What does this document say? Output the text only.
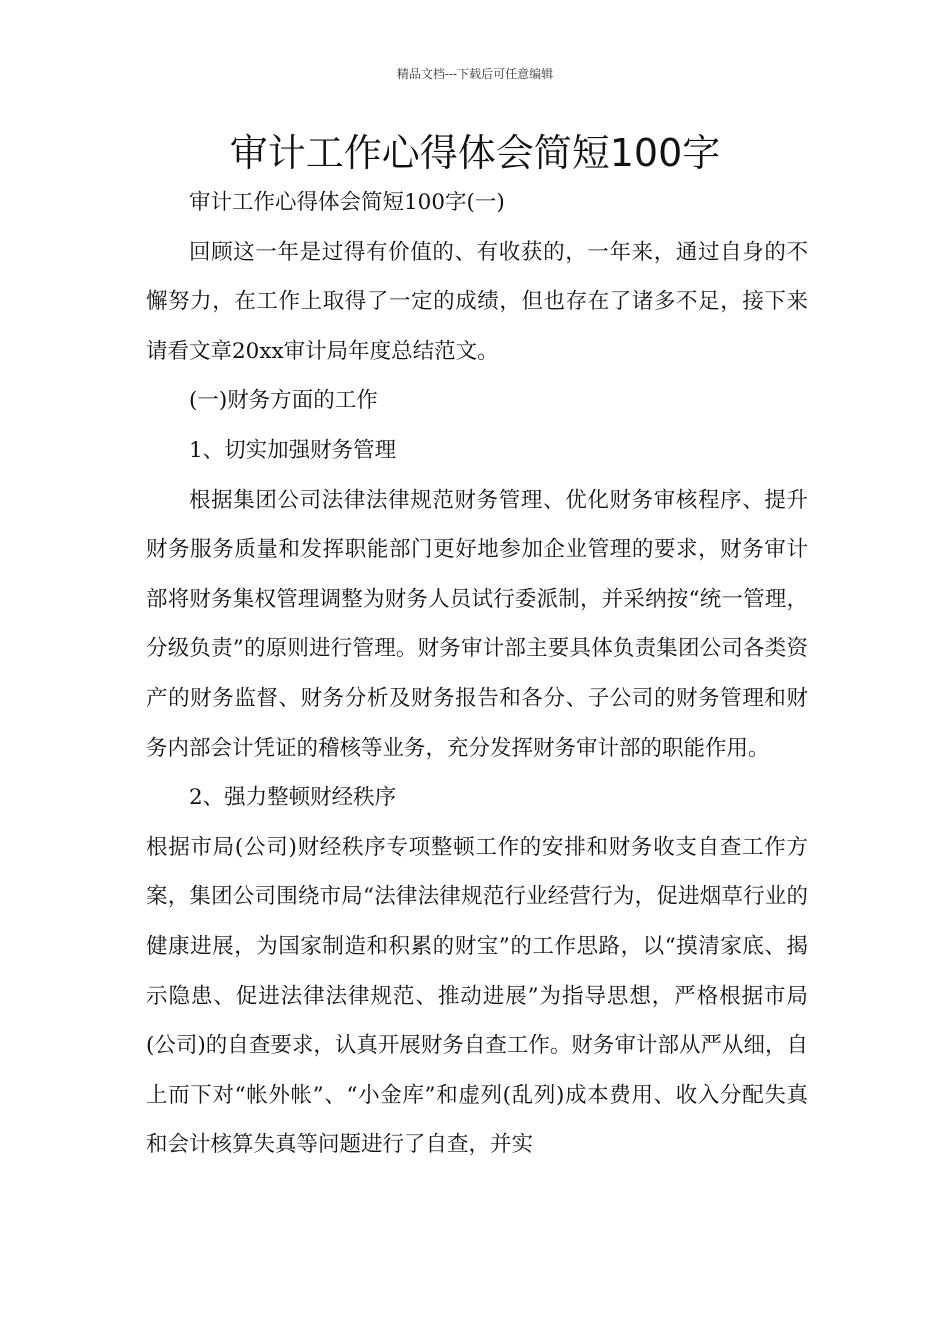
精品文档---下载后可任意编辑
审计工作心得体会简短100字

审计工作心得体会简短100字(一)

回顾这一年是过得有价值的、有收获的，一年来，通过自身的不懈努力，在工作上取得了一定的成绩，但也存在了诸多不足，接下来请看文章20xx审计局年度总结范文。

(一)财务方面的工作

1、切实加强财务管理

根据集团公司法律法律规范财务管理、优化财务审核程序、提升财务服务质量和发挥职能部门更好地参加企业管理的要求，财务审计部将财务集权管理调整为财务人员试行委派制，并采纳按“统一管理，分级负责”的原则进行管理。财务审计部主要具体负责集团公司各类资产的财务监督、财务分析及财务报告和各分、子公司的财务管理和财务内部会计凭证的稽核等业务，充分发挥财务审计部的职能作用。

2、强力整顿财经秩序

根据市局(公司)财经秩序专项整顿工作的安排和财务收支自查工作方案，集团公司围绕市局“法律法律规范行业经营行为，促进烟草行业的健康进展，为国家制造和积累的财宝”的工作思路，以“摸清家底、揭示隐患、促进法律法律规范、推动进展”为指导思想，严格根据市局(公司)的自查要求，认真开展财务自查工作。财务审计部从严从细，自上而下对“帐外帐”、“小金库”和虚列(乱列)成本费用、收入分配失真和会计核算失真等问题进行了自查，并实
